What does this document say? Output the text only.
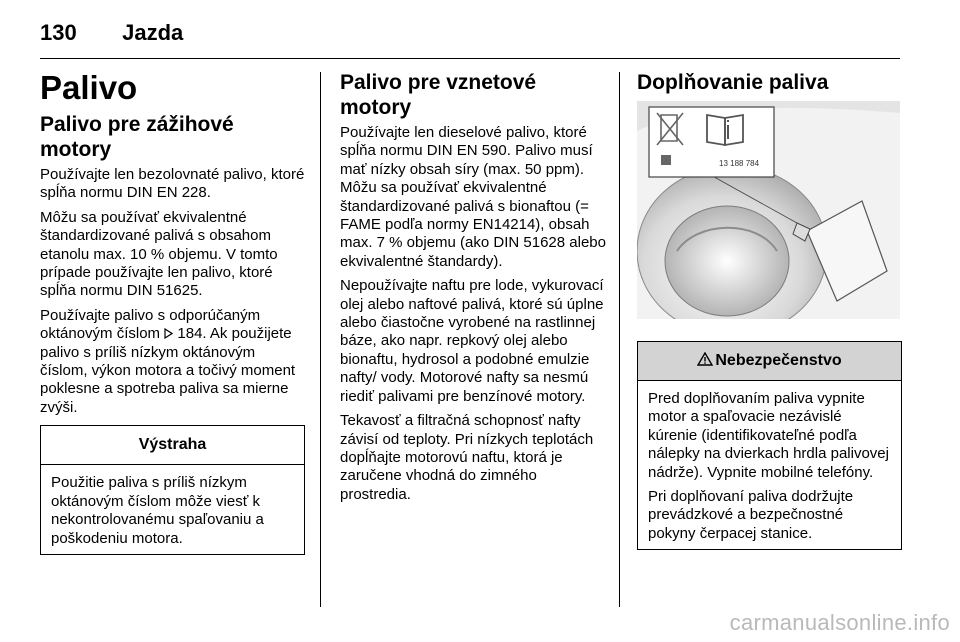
130 Jazda
Palivo
Palivo pre zážihové motory

Používajte len bezolovnaté palivo, ktoré spĺňa normu DIN EN 228.

Môžu sa používať ekvivalentné štandardizované palivá s obsahom etanolu max. 10 % objemu. V tomto prípade používajte len palivo, ktoré spĺňa normu DIN 51625.

Používajte palivo s odporúčaným oktánovým číslom  184. Ak použijete palivo s príliš nízkym oktánovým číslom, výkon motora a točivý moment poklesne a spotreba paliva sa mierne zvýši.

Výstraha

Použitie paliva s príliš nízkym oktánovým číslom môže viesť k nekontrolovanému spaľovaniu a poškodeniu motora.

Palivo pre vznetové motory

Používajte len dieselové palivo, ktoré spĺňa normu DIN EN 590. Palivo musí mať nízky obsah síry (max. 50 ppm). Môžu sa používať ekvivalentné štandardizované palivá s bionaftou (= FAME podľa normy EN14214), obsah max. 7 % objemu (ako DIN 51628 alebo ekvivalentné štandardy).

Nepoužívajte naftu pre lode, vykurovací olej alebo naftové palivá, ktoré sú úplne alebo čiastočne vyrobené na rastlinnej báze, ako napr. repkový olej alebo bionaftu, hydrosol a podobné emulzie nafty/ vody. Motorové nafty sa nesmú riediť palivami pre benzínové motory.

Tekavosť a filtračná schopnosť nafty závisí od teploty. Pri nízkych teplotách dopĺňajte motorovú naftu, ktorá je zaručene vhodná do zimného prostredia.

Doplňovanie paliva
13 188 784
Nebezpečenstvo

Pred doplňovaním paliva vypnite motor a spaľovacie nezávislé kúrenie (identifikovateľné podľa nálepky na dvierkach hrdla palivovej nádrže). Vypnite mobilné telefóny.

Pri doplňovaní paliva dodržujte prevádzkové a bezpečnostné pokyny čerpacej stanice.

carmanualsonline.info
